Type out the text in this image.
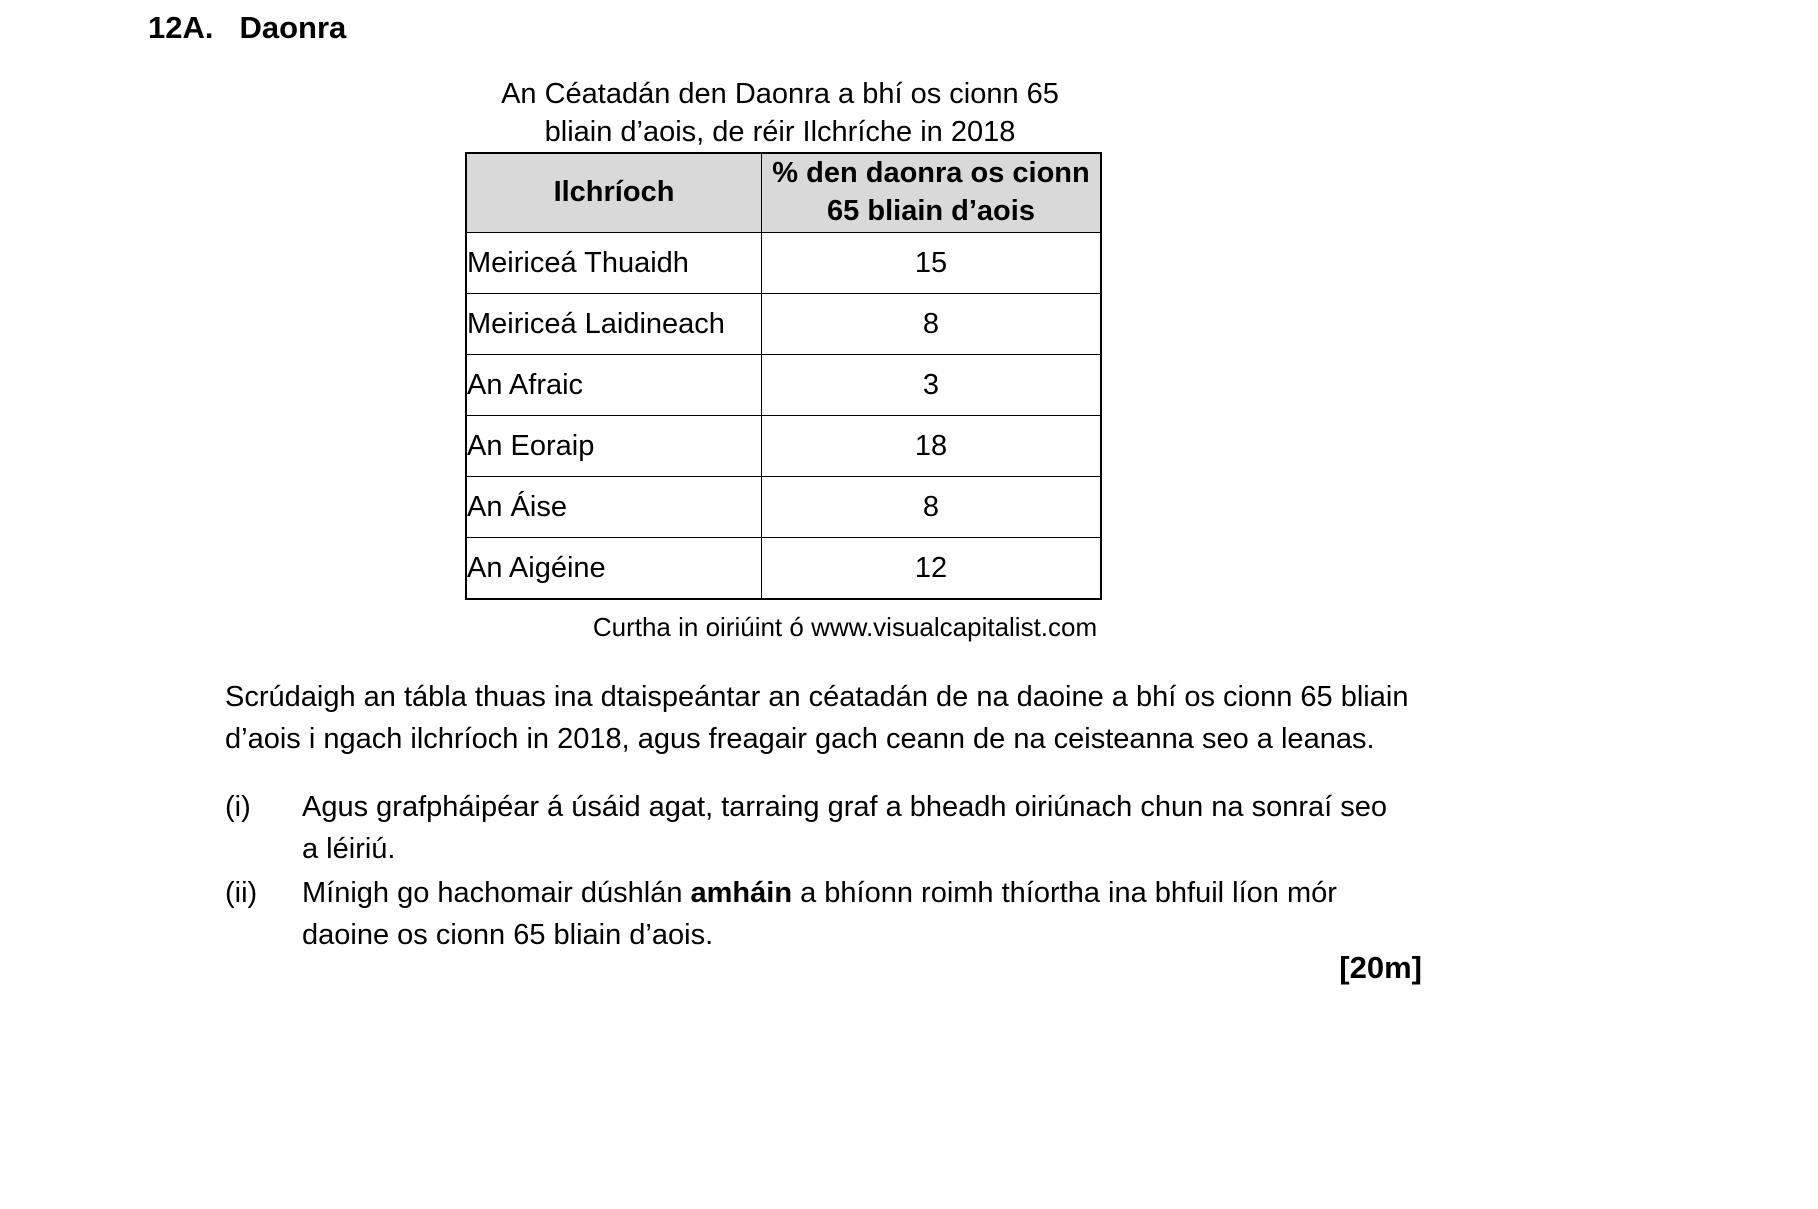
12A. Daonra
An Céatadán den Daonra a bhí os cionn 65
bliain d’aois, de réir Ilchríche in 2018
Ilchríoch	% den daonra os cionn 65 bliain d’aois
Meiriceá Thuaidh	15
Meiriceá Laidineach	8
An Afraic	3
An Eoraip	18
An Áise	8
An Aigéine	12
Curtha in oiriúint ó www.visualcapitalist.com
Scrúdaigh an tábla thuas ina dtaispeántar an céatadán de na daoine a bhí os cionn 65 bliain d’aois i ngach ilchríoch in 2018, agus freagair gach ceann de na ceisteanna seo a leanas.
(i)	Agus grafpháipéar á úsáid agat, tarraing graf a bheadh oiriúnach chun na sonraí seo a léiriú.
(ii)	Mínigh go hachomair dúshlán amháin a bhíonn roimh thíortha ina bhfuil líon mór daoine os cionn 65 bliain d’aois.
[20m]
